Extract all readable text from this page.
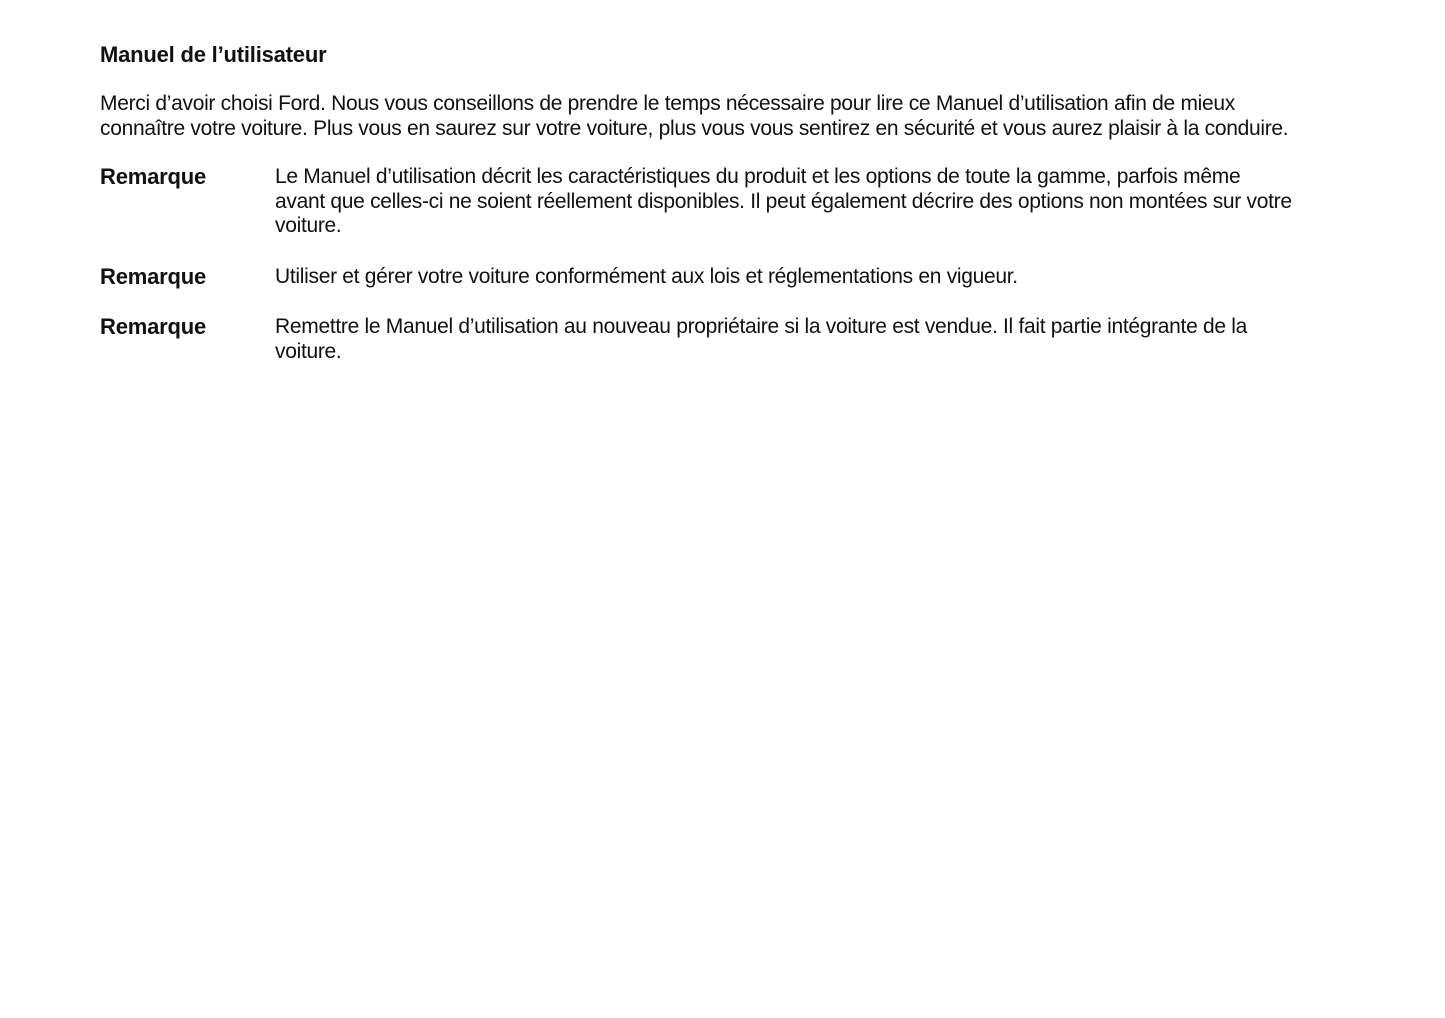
Manuel de l’utilisateur
Merci d’avoir choisi Ford. Nous vous conseillons de prendre le temps nécessaire pour lire ce Manuel d’utilisation afin de mieux connaître votre voiture. Plus vous en saurez sur votre voiture, plus vous vous sentirez en sécurité et vous aurez plaisir à la conduire.
Remarque	Le Manuel d’utilisation décrit les caractéristiques du produit et les options de toute la gamme, parfois même avant que celles-ci ne soient réellement disponibles. Il peut également décrire des options non montées sur votre voiture.
Remarque	Utiliser et gérer votre voiture conformément aux lois et réglementations en vigueur.
Remarque	Remettre le Manuel d’utilisation au nouveau propriétaire si la voiture est vendue. Il fait partie intégrante de la voiture.
